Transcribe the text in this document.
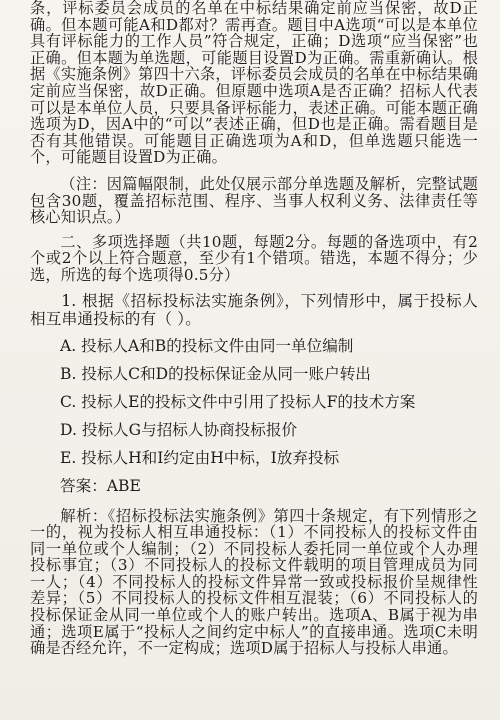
条，评标委员会成员的名单在中标结果确定前应当保密，故D正确。但本题可能A和D都对？需再查。题目中A选项“可以是本单位具有评标能力的工作人员”符合规定，正确；D选项“应当保密”也正确。但本题为单选题，可能题目设置D为正确。需重新确认。根据《实施条例》第四十六条，评标委员会成员的名单在中标结果确定前应当保密，故D正确。但原题中选项A是否正确？招标人代表可以是本单位人员，只要具备评标能力，表述正确。可能本题正确选项为D，因A中的“可以”表述正确，但D也是正确。需看题目是否有其他错误。可能题目正确选项为A和D，但单选题只能选一个，可能题目设置D为正确。

（注：因篇幅限制，此处仅展示部分单选题及解析，完整试题包含30题，覆盖招标范围、程序、当事人权利义务、法律责任等核心知识点。）

二、多项选择题（共10题，每题2分。每题的备选项中，有2个或2个以上符合题意，至少有1个错项。错选，本题不得分；少选，所选的每个选项得0.5分）

1. 根据《招标投标法实施条例》，下列情形中，属于投标人相互串通投标的有（ ）。

A. 投标人A和B的投标文件由同一单位编制

B. 投标人C和D的投标保证金从同一账户转出

C. 投标人E的投标文件中引用了投标人F的技术方案

D. 投标人G与招标人协商投标报价

E. 投标人H和I约定由H中标，I放弃投标

答案：ABE

解析：《招标投标法实施条例》第四十条规定，有下列情形之一的，视为投标人相互串通投标：（1）不同投标人的投标文件由同一单位或个人编制；（2）不同投标人委托同一单位或个人办理投标事宜；（3）不同投标人的投标文件载明的项目管理成员为同一人；（4）不同投标人的投标文件异常一致或投标报价呈规律性差异；（5）不同投标人的投标文件相互混装；（6）不同投标人的投标保证金从同一单位或个人的账户转出。选项A、B属于视为串通；选项E属于“投标人之间约定中标人”的直接串通。选项C未明确是否经允许，不一定构成；选项D属于招标人与投标人串通。
